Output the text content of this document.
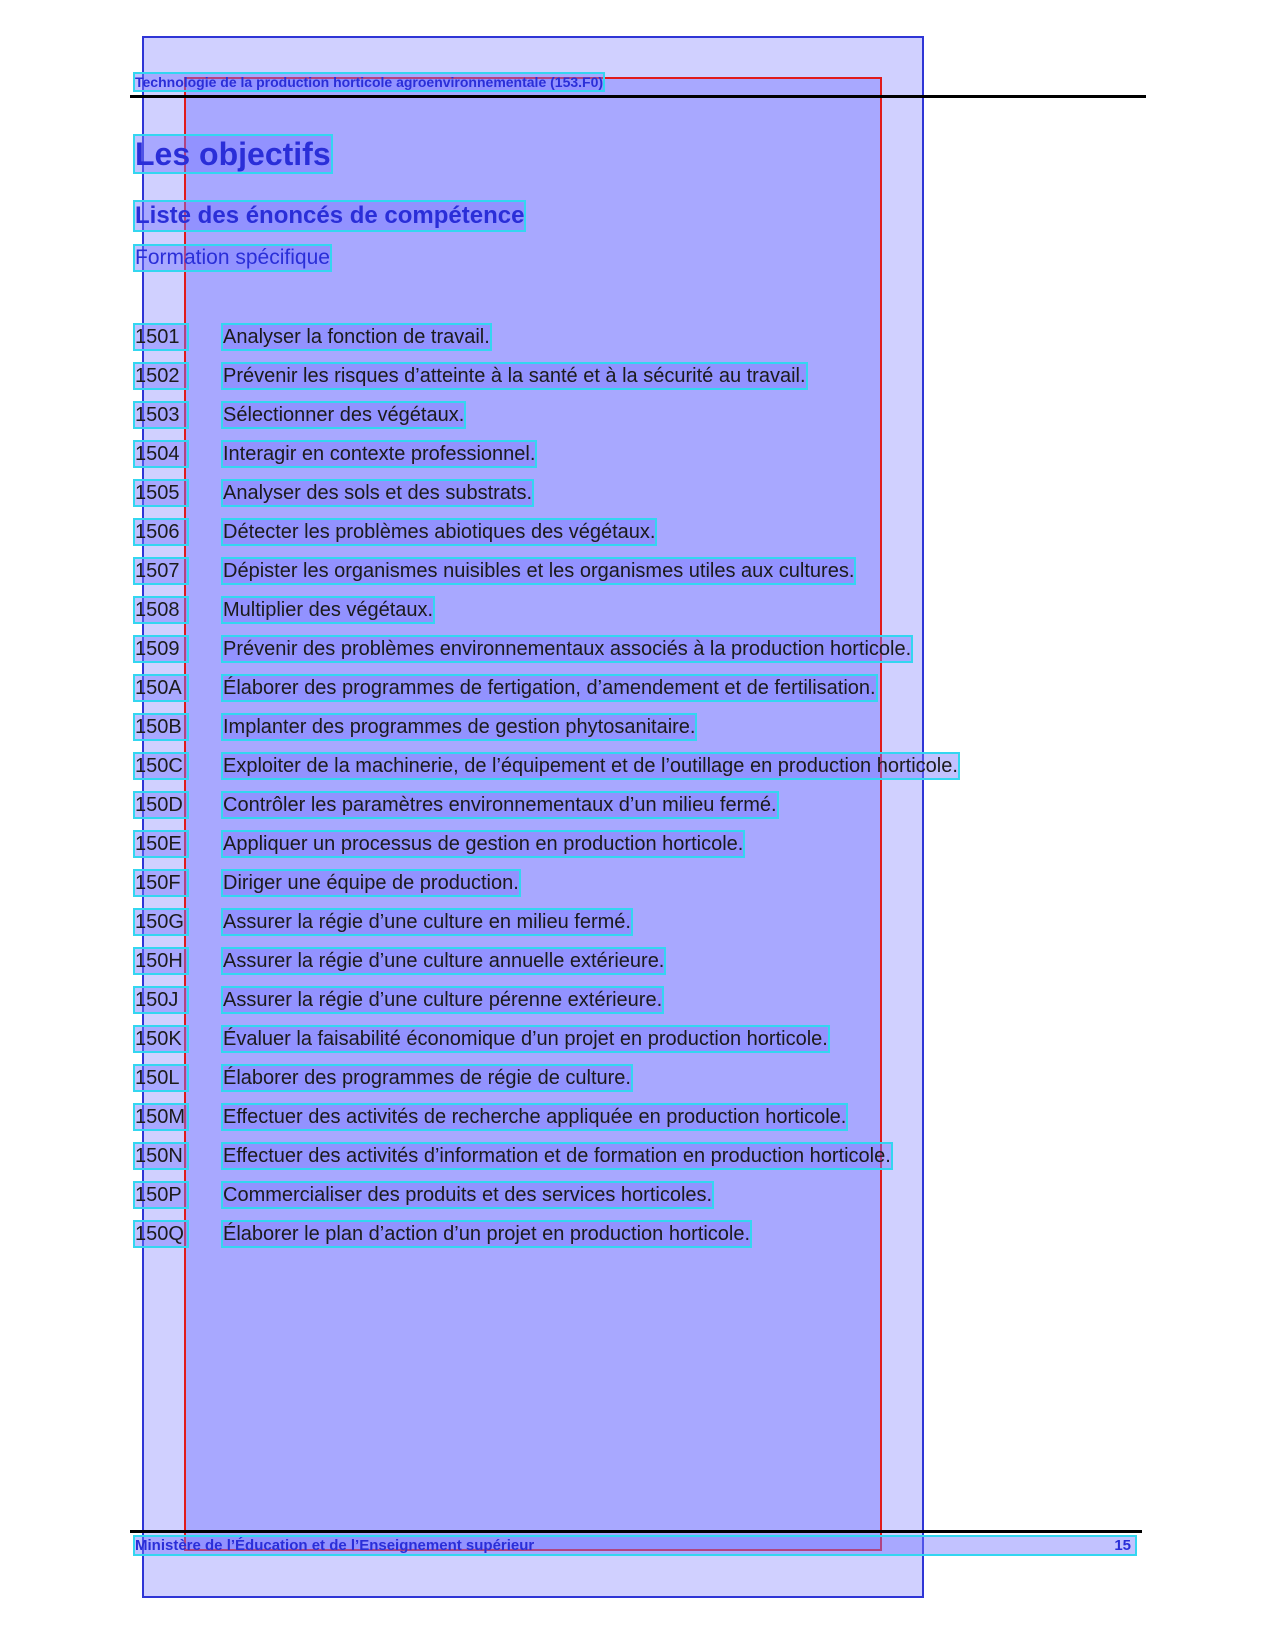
Technologie de la production horticole agroenvironnementale (153.F0)
Les objectifs
Liste des énoncés de compétence
Formation spécifique
1501	Analyser la fonction de travail.
1502	Prévenir les risques d’atteinte à la santé et à la sécurité au travail.
1503	Sélectionner des végétaux.
1504	Interagir en contexte professionnel.
1505	Analyser des sols et des substrats.
1506	Détecter les problèmes abiotiques des végétaux.
1507	Dépister les organismes nuisibles et les organismes utiles aux cultures.
1508	Multiplier des végétaux.
1509	Prévenir des problèmes environnementaux associés à la production horticole.
150A Élaborer des programmes de fertigation, d’amendement et de fertilisation.
150B Implanter des programmes de gestion phytosanitaire.
150C Exploiter de la machinerie, de l’équipement et de l’outillage en production horticole.
150D Contrôler les paramètres environnementaux d’un milieu fermé.
150E Appliquer un processus de gestion en production horticole.
150F	Diriger une équipe de production.
150G Assurer la régie d’une culture en milieu fermé.
150H Assurer la régie d’une culture annuelle extérieure.
150J	Assurer la régie d’une culture pérenne extérieure.
150K Évaluer la faisabilité économique d’un projet en production horticole.
150L	Élaborer des programmes de régie de culture.
150M Effectuer des activités de recherche appliquée en production horticole.
150N Effectuer des activités d’information et de formation en production horticole.
150P Commercialiser des produits et des services horticoles.
150Q Élaborer le plan d’action d’un projet en production horticole.
Ministère de l’Éducation et de l’Enseignement supérieur	15
